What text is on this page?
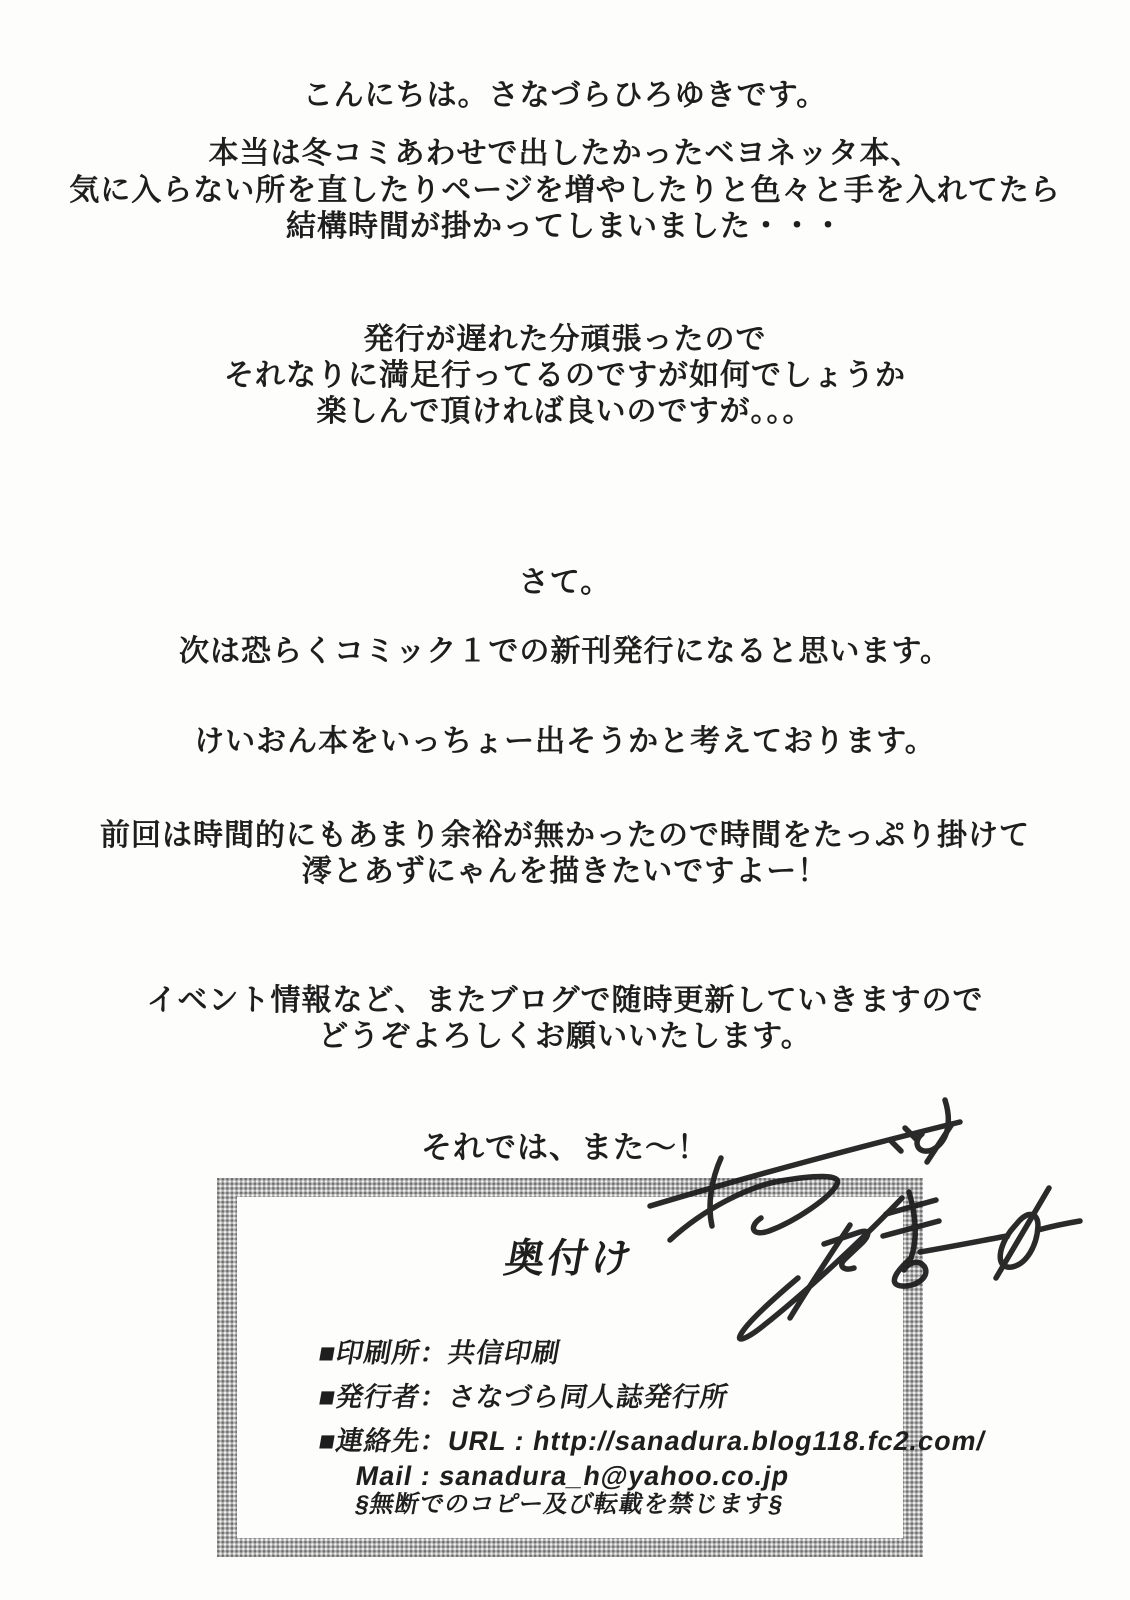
こんにちは。さなづらひろゆきです。
本当は冬コミあわせで出したかったベヨネッタ本、
気に入らない所を直したりページを増やしたりと色々と手を入れてたら
結構時間が掛かってしまいました・・・
発行が遅れた分頑張ったので
それなりに満足行ってるのですが如何でしょうか
楽しんで頂ければ良いのですが。。。
さて。
次は恐らくコミック１での新刊発行になると思います。
けいおん本をいっちょー出そうかと考えております。
前回は時間的にもあまり余裕が無かったので時間をたっぷり掛けて
澪とあずにゃんを描きたいですよー！
イベント情報など、またブログで随時更新していきますので
どうぞよろしくお願いいたします。
それでは、また～！
奥付け
■印刷所：共信印刷
■発行者：さなづら同人誌発行所
■連絡先：URL : http://sanadura.blog118.fc2.com/
Mail : sanadura_h@yahoo.co.jp
§無断でのコピー及び転載を禁じます§
